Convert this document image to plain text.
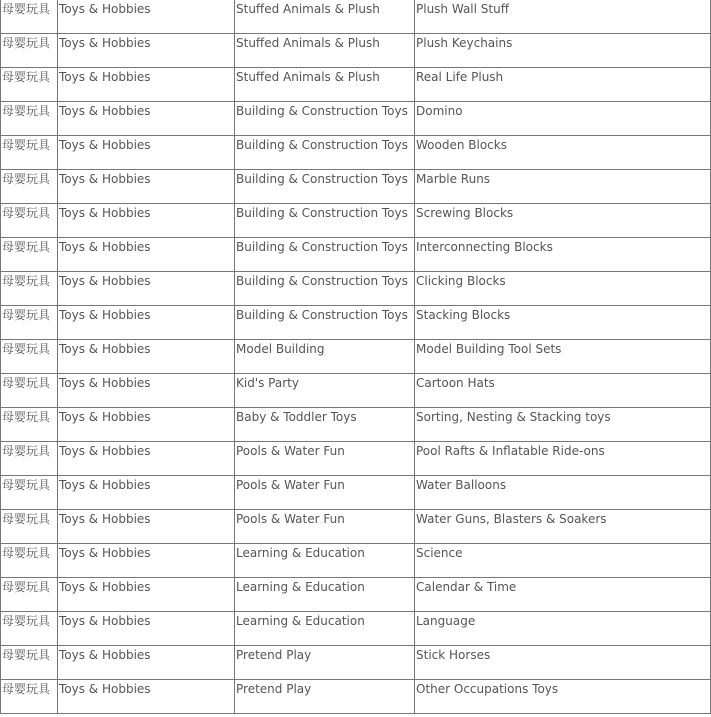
母婴玩具	Toys & Hobbies	Stuffed Animals & Plush	Plush Wall Stuff
母婴玩具	Toys & Hobbies	Stuffed Animals & Plush	Plush Keychains
母婴玩具	Toys & Hobbies	Stuffed Animals & Plush	Real Life Plush
母婴玩具	Toys & Hobbies	Building & Construction Toys	Domino
母婴玩具	Toys & Hobbies	Building & Construction Toys	Wooden Blocks
母婴玩具	Toys & Hobbies	Building & Construction Toys	Marble Runs
母婴玩具	Toys & Hobbies	Building & Construction Toys	Screwing Blocks
母婴玩具	Toys & Hobbies	Building & Construction Toys	Interconnecting Blocks
母婴玩具	Toys & Hobbies	Building & Construction Toys	Clicking Blocks
母婴玩具	Toys & Hobbies	Building & Construction Toys	Stacking Blocks
母婴玩具	Toys & Hobbies	Model Building	Model Building Tool Sets
母婴玩具	Toys & Hobbies	Kid's Party	Cartoon Hats
母婴玩具	Toys & Hobbies	Baby & Toddler Toys	Sorting, Nesting & Stacking toys
母婴玩具	Toys & Hobbies	Pools & Water Fun	Pool Rafts & Inflatable Ride-ons
母婴玩具	Toys & Hobbies	Pools & Water Fun	Water Balloons
母婴玩具	Toys & Hobbies	Pools & Water Fun	Water Guns, Blasters & Soakers
母婴玩具	Toys & Hobbies	Learning & Education	Science
母婴玩具	Toys & Hobbies	Learning & Education	Calendar & Time
母婴玩具	Toys & Hobbies	Learning & Education	Language
母婴玩具	Toys & Hobbies	Pretend Play	Stick Horses
母婴玩具	Toys & Hobbies	Pretend Play	Other Occupations Toys
